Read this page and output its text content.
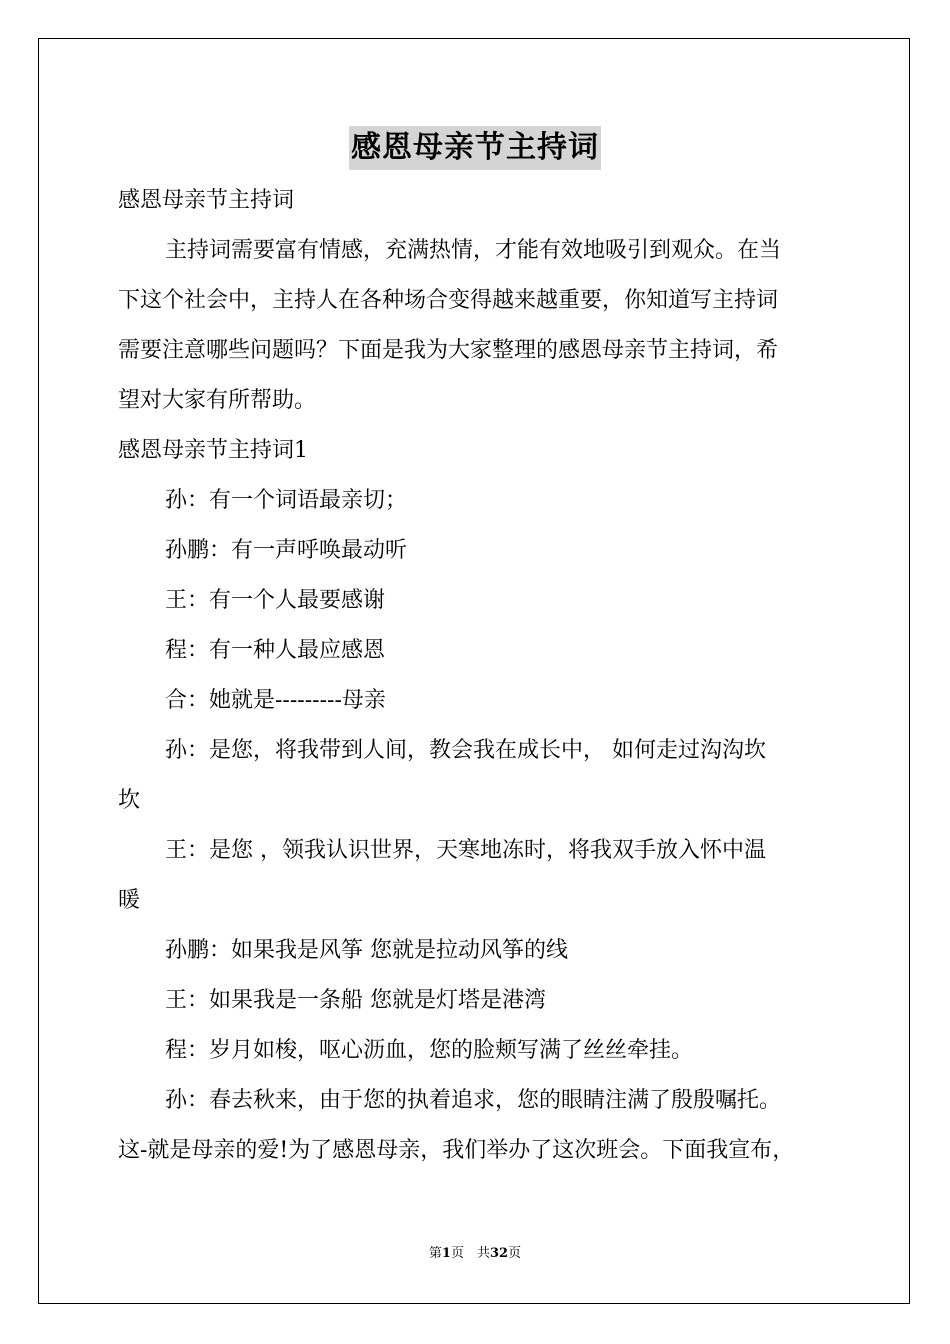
感恩母亲节主持词
感恩母亲节主持词
主持词需要富有情感，充满热情，才能有效地吸引到观众。在当
下这个社会中，主持人在各种场合变得越来越重要，你知道写主持词
需要注意哪些问题吗？下面是我为大家整理的感恩母亲节主持词，希
望对大家有所帮助。
感恩母亲节主持词1
孙：有一个词语最亲切；
孙鹏：有一声呼唤最动听
王：有一个人最要感谢
程：有一种人最应感恩
合：她就是---------母亲
孙：是您，将我带到人间，教会我在成长中， 如何走过沟沟坎
坎
王：是您 ，领我认识世界，天寒地冻时，将我双手放入怀中温
暖
孙鹏：如果我是风筝 您就是拉动风筝的线
王：如果我是一条船 您就是灯塔是港湾
程：岁月如梭，呕心沥血，您的脸颊写满了丝丝牵挂。
孙：春去秋来，由于您的执着追求，您的眼睛注满了殷殷嘱托。
这-就是母亲的爱!为了感恩母亲，我们举办了这次班会。下面我宣布，
第1页　共32页
